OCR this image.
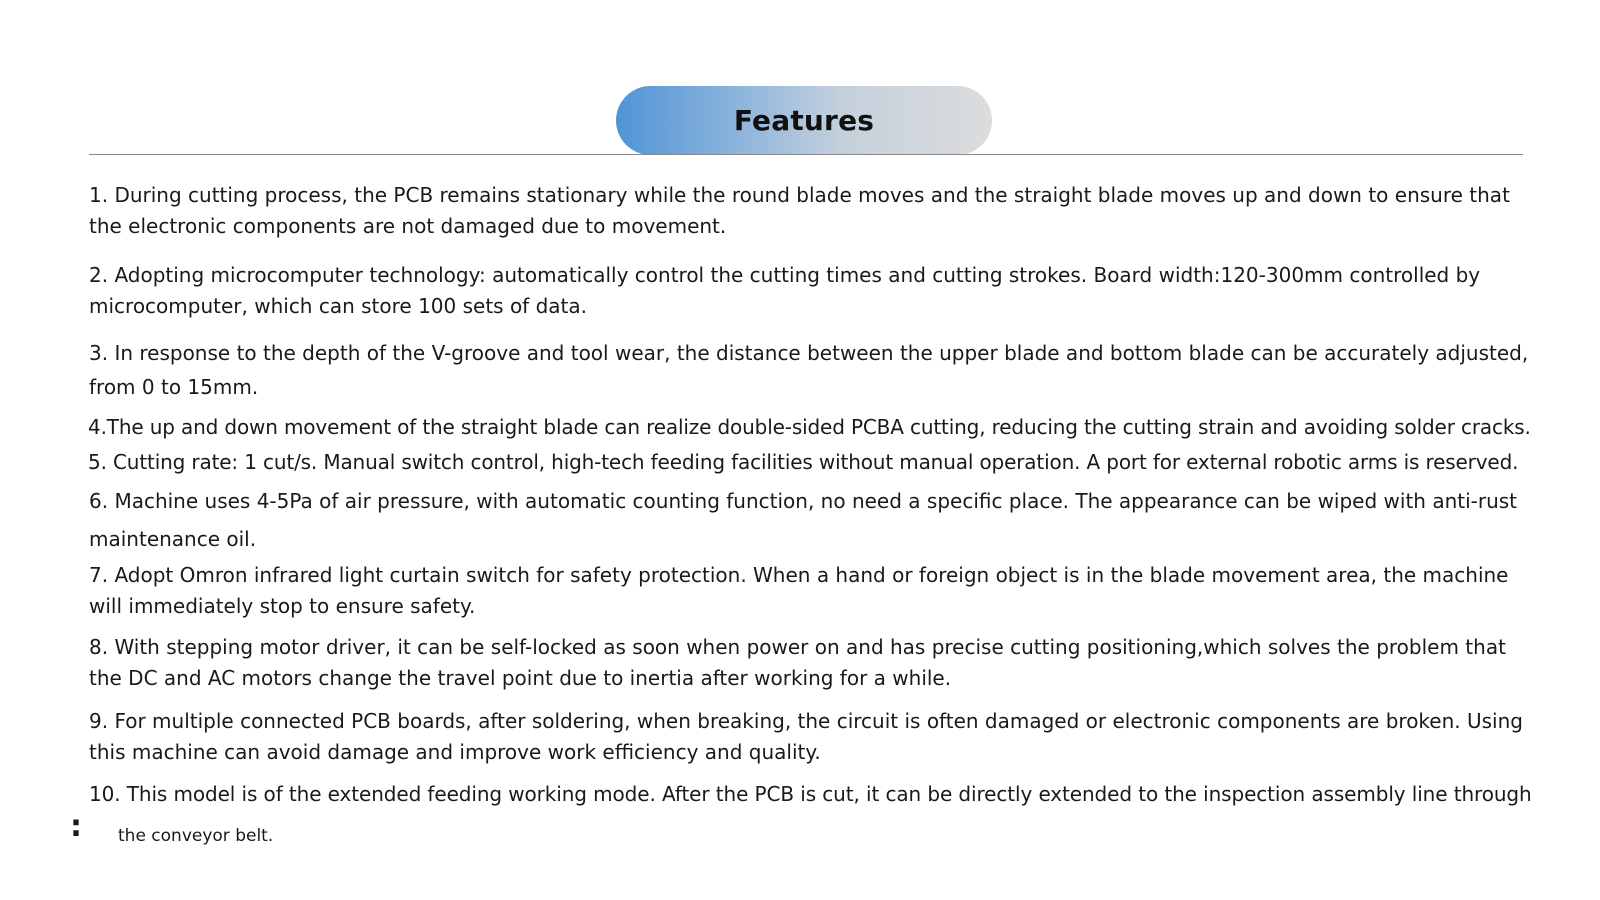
Features

1. During cutting process, the PCB remains stationary while the round blade moves and the straight blade moves up and down to ensure that the electronic components are not damaged due to movement.

2. Adopting microcomputer technology: automatically control the cutting times and cutting strokes. Board width:120-300mm controlled by microcomputer, which can store 100 sets of data.

3. In response to the depth of the V-groove and tool wear, the distance between the upper blade and bottom blade can be accurately adjusted, from 0 to 15mm.

4.The up and down movement of the straight blade can realize double-sided PCBA cutting, reducing the cutting strain and avoiding solder cracks.

5. Cutting rate: 1 cut/s. Manual switch control, high-tech feeding facilities without manual operation. A port for external robotic arms is reserved.

6. Machine uses 4-5Pa of air pressure, with automatic counting function, no need a specific place. The appearance can be wiped with anti-rust maintenance oil.

7. Adopt Omron infrared light curtain switch for safety protection. When a hand or foreign object is in the blade movement area, the machine will immediately stop to ensure safety.

8. With stepping motor driver, it can be self-locked as soon when power on and has precise cutting positioning,which solves the problem that the DC and AC motors change the travel point due to inertia after working for a while.

9. For multiple connected PCB boards, after soldering, when breaking, the circuit is often damaged or electronic components are broken. Using this machine can avoid damage and improve work efficiency and quality.

10. This model is of the extended feeding working mode. After the PCB is cut, it can be directly extended to the inspection assembly line through

: the conveyor belt.
